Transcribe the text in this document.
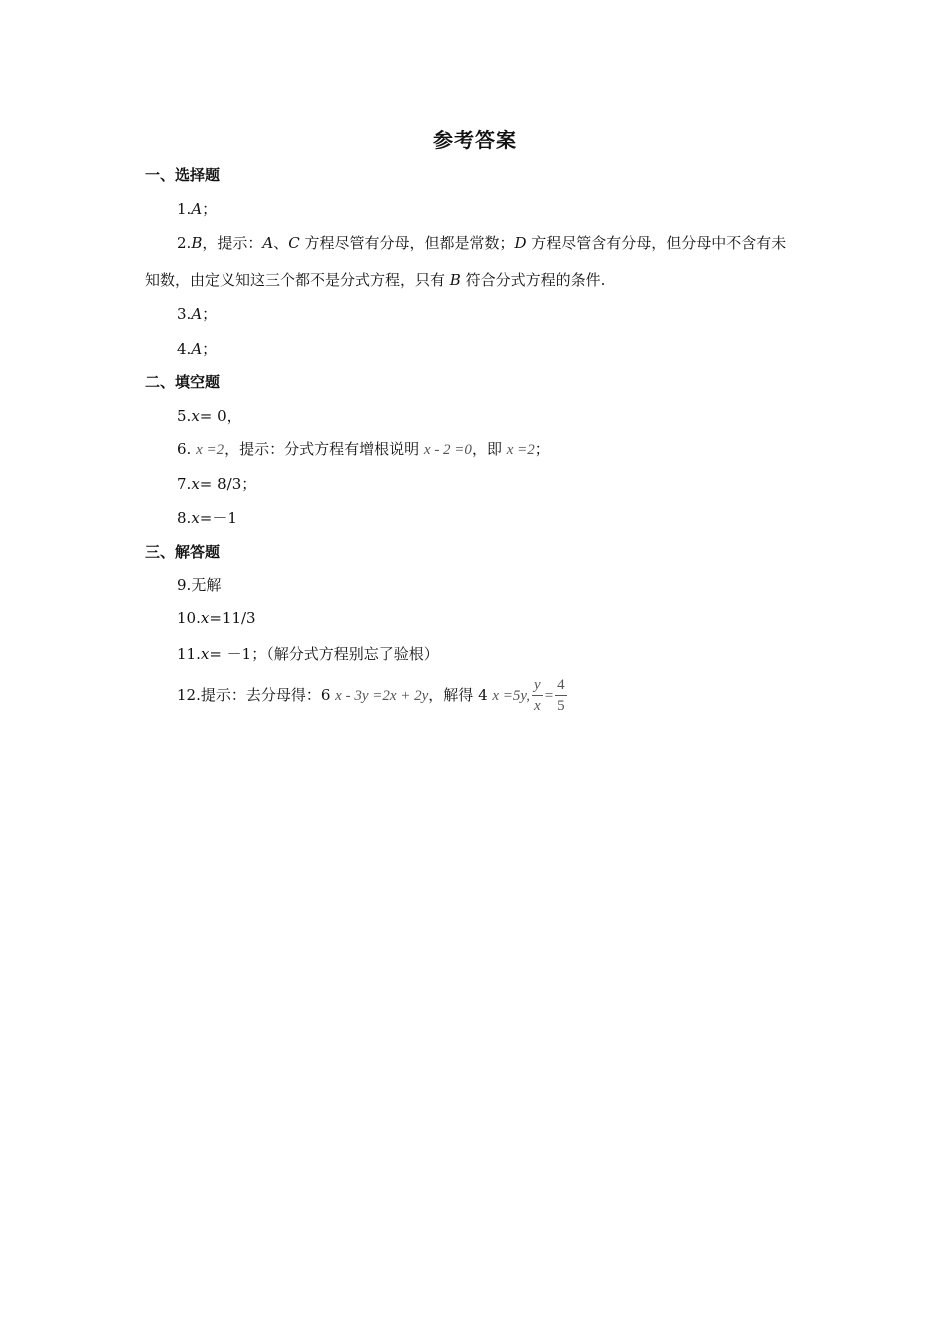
参考答案
一、选择题
1.A；
2.B，提示：A、C 方程尽管有分母，但都是常数；D 方程尽管含有分母，但分母中不含有未
知数，由定义知这三个都不是分式方程，只有 B 符合分式方程的条件.
3.A；
4.A；
二、填空题
5.x= 0，
6. x =2，提示：分式方程有增根说明 x - 2 =0，即 x =2；
7.x= 8/3；
8.x=－1
三、解答题
9.无解
10.x=11/3
11.x= －1；（解分式方程别忘了验根）
12.提示：去分母得：6 x - 3y =2x + 2y，解得 4 x =5y, $\frac{y}{x} = \frac{4}{5}$
